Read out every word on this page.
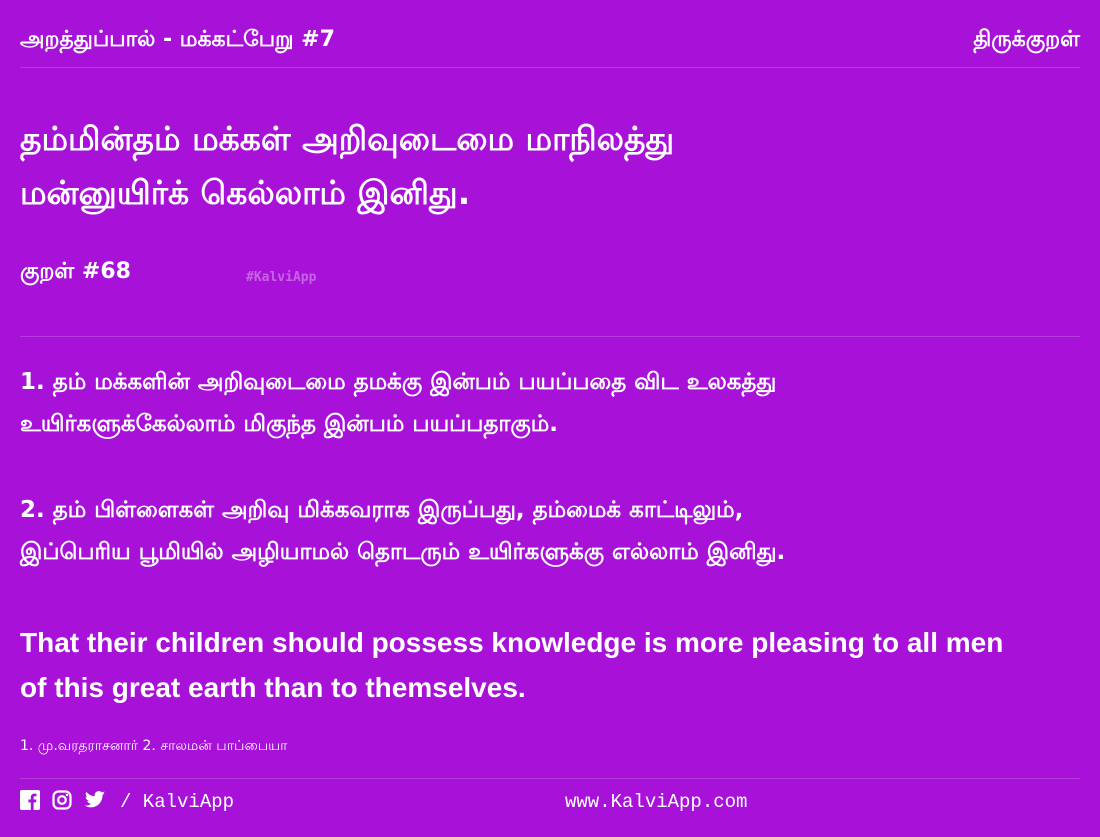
அறத்துப்பால் - மக்கட்பேறு #7	திருக்குறள்
தம்மின்தம் மக்கள் அறிவுடைமை மாநிலத்து
மன்னுயிர்க் கெல்லாம் இனிது.
குறள் #68	#KalviApp
1. தம் மக்களின் அறிவுடைமை தமக்கு இன்பம் பயப்பதை விட உலகத்து
உயிர்களுக்கேல்லாம் மிகுந்த இன்பம் பயப்பதாகும்.
2. தம் பிள்ளைகள் அறிவு மிக்கவராக இருப்பது, தம்மைக் காட்டிலும்,
இப்பெரிய பூமியில் அழியாமல் தொடரும் உயிர்களுக்கு எல்லாம் இனிது.
That their children should possess knowledge is more pleasing to all men
of this great earth than to themselves.
1. மு.வரதராசனார் 2. சாலமன் பாப்பையா
/ KalviApp	www.KalviApp.com
